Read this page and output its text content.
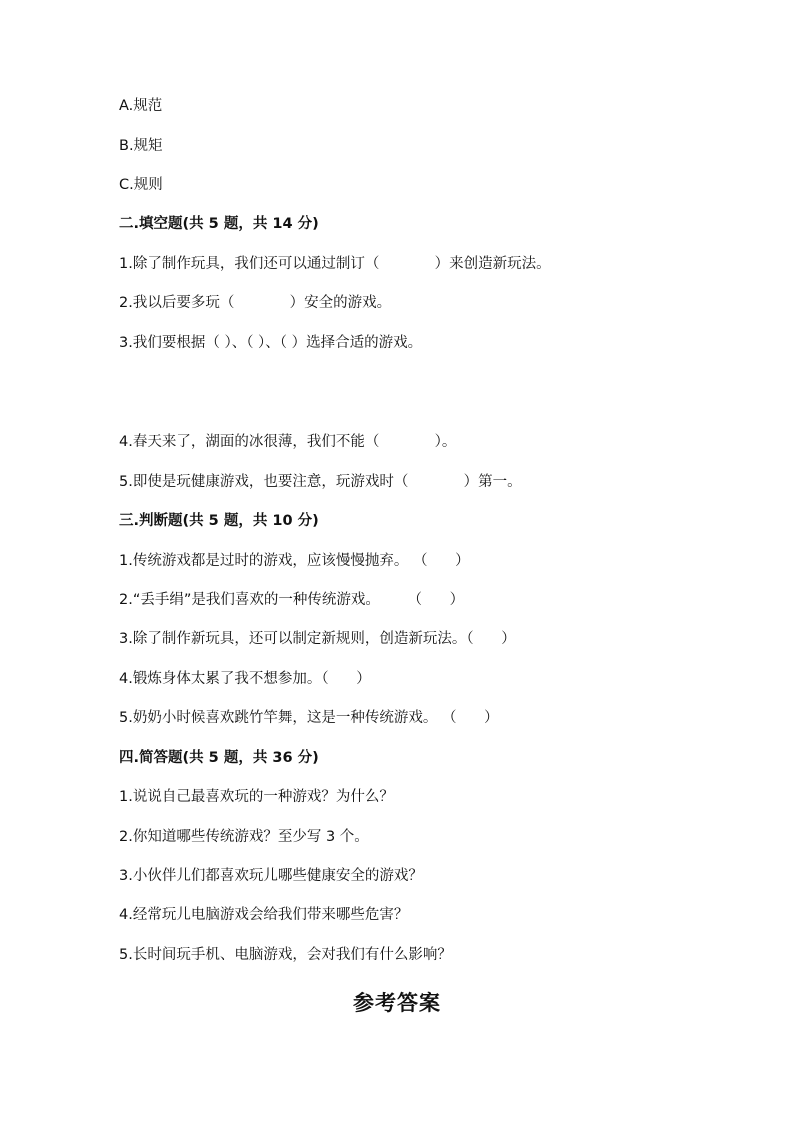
A.规范
B.规矩
C.规则
二.填空题(共 5 题，共 14 分)
1.除了制作玩具，我们还可以通过制订（            ）来创造新玩法。
2.我以后要多玩（            ）安全的游戏。
3.我们要根据（ ）、（ ）、（ ）选择合适的游戏。
4.春天来了，湖面的冰很薄，我们不能（            ）。
5.即使是玩健康游戏，也要注意，玩游戏时（            ）第一。
三.判断题(共 5 题，共 10 分)
1.传统游戏都是过时的游戏，应该慢慢抛弃。 （      ）
2.“丢手绢”是我们喜欢的一种传统游戏。      （      ）
3.除了制作新玩具，还可以制定新规则，创造新玩法。（      ）
4.锻炼身体太累了我不想参加。（      ）
5.奶奶小时候喜欢跳竹竿舞，这是一种传统游戏。 （      ）
四.简答题(共 5 题，共 36 分)
1.说说自己最喜欢玩的一种游戏？为什么？
2.你知道哪些传统游戏？至少写 3 个。
3.小伙伴儿们都喜欢玩儿哪些健康安全的游戏？
4.经常玩儿电脑游戏会给我们带来哪些危害？
5.长时间玩手机、电脑游戏，会对我们有什么影响？
参考答案
